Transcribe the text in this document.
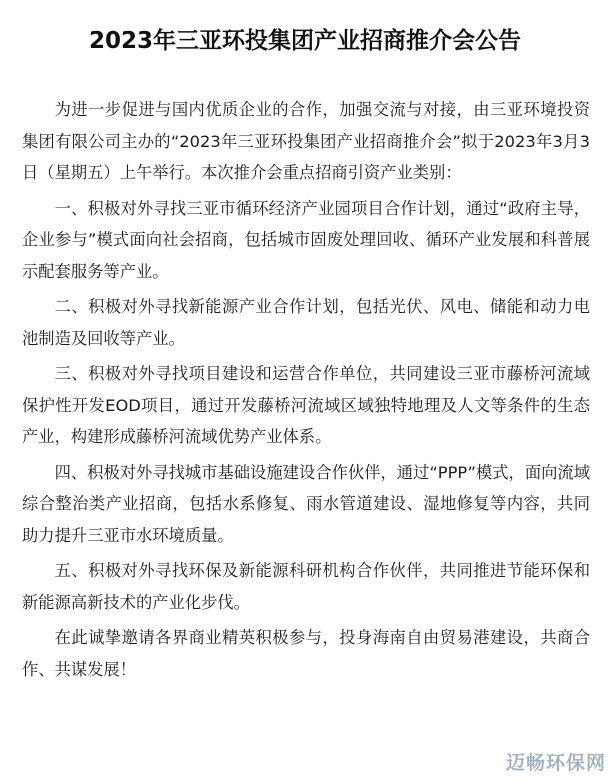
2023年三亚环投集团产业招商推介会公告

为进一步促进与国内优质企业的合作，加强交流与对接，由三亚环境投资集团有限公司主办的“2023年三亚环投集团产业招商推介会”拟于2023年3月3日（星期五）上午举行。本次推介会重点招商引资产业类别：

一、积极对外寻找三亚市循环经济产业园项目合作计划，通过“政府主导，企业参与”模式面向社会招商，包括城市固废处理回收、循环产业发展和科普展示配套服务等产业。

二、积极对外寻找新能源产业合作计划，包括光伏、风电、储能和动力电池制造及回收等产业。

三、积极对外寻找项目建设和运营合作单位，共同建设三亚市藤桥河流域保护性开发EOD项目，通过开发藤桥河流域区域独特地理及人文等条件的生态产业，构建形成藤桥河流域优势产业体系。

四、积极对外寻找城市基础设施建设合作伙伴，通过“PPP”模式，面向流域综合整治类产业招商，包括水系修复、雨水管道建设、湿地修复等内容，共同助力提升三亚市水环境质量。

五、积极对外寻找环保及新能源科研机构合作伙伴，共同推进节能环保和新能源高新技术的产业化步伐。

在此诚挚邀请各界商业精英积极参与，投身海南自由贸易港建设，共商合作、共谋发展！

迈畅环保网
